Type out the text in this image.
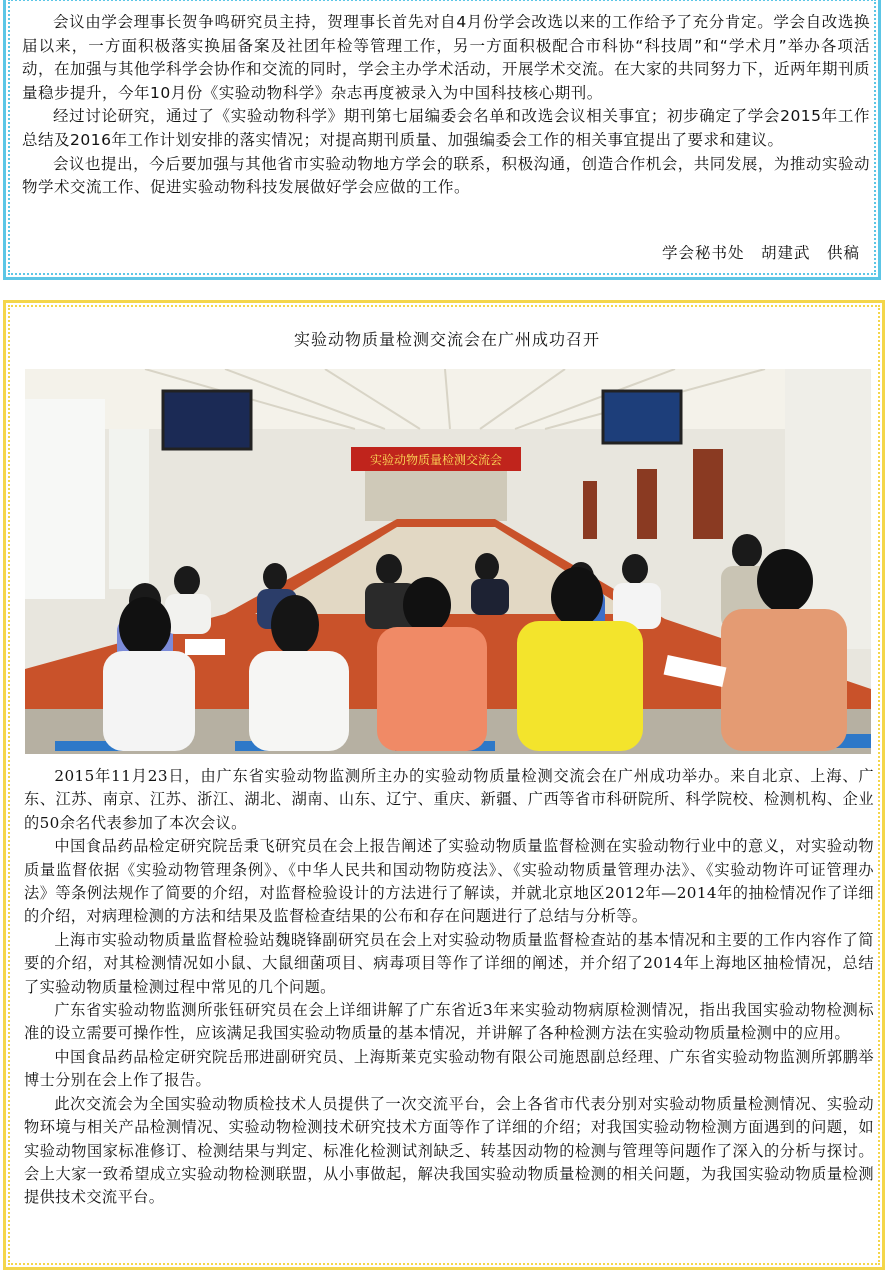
会议由学会理事长贺争鸣研究员主持，贺理事长首先对自4月份学会改选以来的工作给予了充分肯定。学会自改选换届以来，一方面积极落实换届备案及社团年检等管理工作，另一方面积极配合市科协“科技周”和“学术月”举办各项活动，在加强与其他学科学会协作和交流的同时，学会主办学术活动，开展学术交流。在大家的共同努力下，近两年期刊质量稳步提升，今年10月份《实验动物科学》杂志再度被录入为中国科技核心期刊。

经过讨论研究，通过了《实验动物科学》期刊第七届编委会名单和改选会议相关事宜；初步确定了学会2015年工作总结及2016年工作计划安排的落实情况；对提高期刊质量、加强编委会工作的相关事宜提出了要求和建议。

会议也提出，今后要加强与其他省市实验动物地方学会的联系，积极沟通，创造合作机会，共同发展，为推动实验动物学术交流工作、促进实验动物科技发展做好学会应做的工作。

学会秘书处　胡建武　供稿
实验动物质量检测交流会在广州成功召开
实验动物质量检测交流会

2015年11月23日，由广东省实验动物监测所主办的实验动物质量检测交流会在广州成功举办。来自北京、上海、广东、江苏、南京、江苏、浙江、湖北、湖南、山东、辽宁、重庆、新疆、广西等省市科研院所、科学院校、检测机构、企业的50余名代表参加了本次会议。

中国食品药品检定研究院岳秉飞研究员在会上报告阐述了实验动物质量监督检测在实验动物行业中的意义，对实验动物质量监督依据《实验动物管理条例》、《中华人民共和国动物防疫法》、《实验动物质量管理办法》、《实验动物许可证管理办法》等条例法规作了简要的介绍，对监督检验设计的方法进行了解读，并就北京地区2012年—2014年的抽检情况作了详细的介绍，对病理检测的方法和结果及监督检查结果的公布和存在问题进行了总结与分析等。

上海市实验动物质量监督检验站魏晓锋副研究员在会上对实验动物质量监督检查站的基本情况和主要的工作内容作了简要的介绍，对其检测情况如小鼠、大鼠细菌项目、病毒项目等作了详细的阐述，并介绍了2014年上海地区抽检情况，总结了实验动物质量检测过程中常见的几个问题。

广东省实验动物监测所张钰研究员在会上详细讲解了广东省近3年来实验动物病原检测情况，指出我国实验动物检测标准的设立需要可操作性，应该满足我国实验动物质量的基本情况，并讲解了各种检测方法在实验动物质量检测中的应用。

中国食品药品检定研究院岳邢进副研究员、上海斯莱克实验动物有限公司施恩副总经理、广东省实验动物监测所郭鹏举博士分别在会上作了报告。

此次交流会为全国实验动物质检技术人员提供了一次交流平台，会上各省市代表分别对实验动物质量检测情况、实验动物环境与相关产品检测情况、实验动物检测技术研究技术方面等作了详细的介绍；对我国实验动物检测方面遇到的问题，如实验动物国家标准修订、检测结果与判定、标准化检测试剂缺乏、转基因动物的检测与管理等问题作了深入的分析与探讨。会上大家一致希望成立实验动物检测联盟，从小事做起，解决我国实验动物质量检测的相关问题，为我国实验动物质量检测提供技术交流平台。
